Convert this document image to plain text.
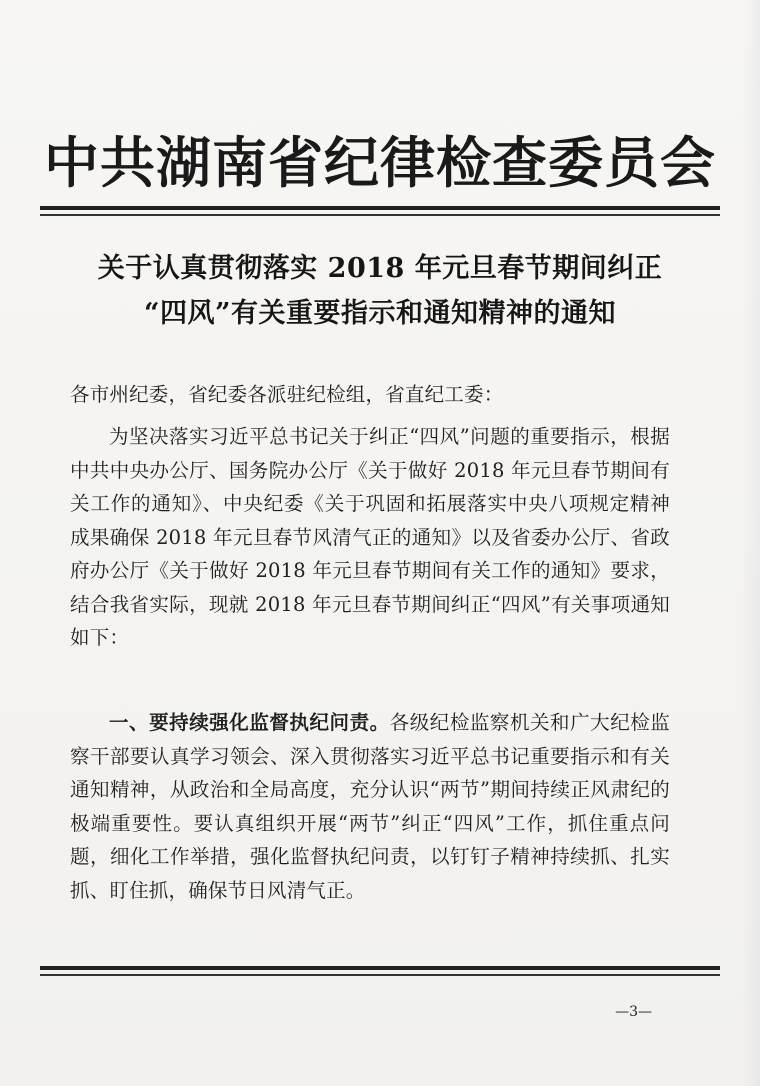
中共湖南省纪律检查委员会
关于认真贯彻落实 2018 年元旦春节期间纠正
“四风”有关重要指示和通知精神的通知
各市州纪委，省纪委各派驻纪检组，省直纪工委：
为坚决落实习近平总书记关于纠正“四风”问题的重要指示，根据中共中央办公厅、国务院办公厅《关于做好 2018 年元旦春节期间有关工作的通知》、中央纪委《关于巩固和拓展落实中央八项规定精神成果确保 2018 年元旦春节风清气正的通知》以及省委办公厅、省政府办公厅《关于做好 2018 年元旦春节期间有关工作的通知》要求，结合我省实际，现就 2018 年元旦春节期间纠正“四风”有关事项通知如下：
一、要持续强化监督执纪问责。各级纪检监察机关和广大纪检监察干部要认真学习领会、深入贯彻落实习近平总书记重要指示和有关通知精神，从政治和全局高度，充分认识“两节”期间持续正风肃纪的极端重要性。要认真组织开展“两节”纠正“四风”工作，抓住重点问题，细化工作举措，强化监督执纪问责，以钉钉子精神持续抓、扎实抓、盯住抓，确保节日风清气正。
—3—
